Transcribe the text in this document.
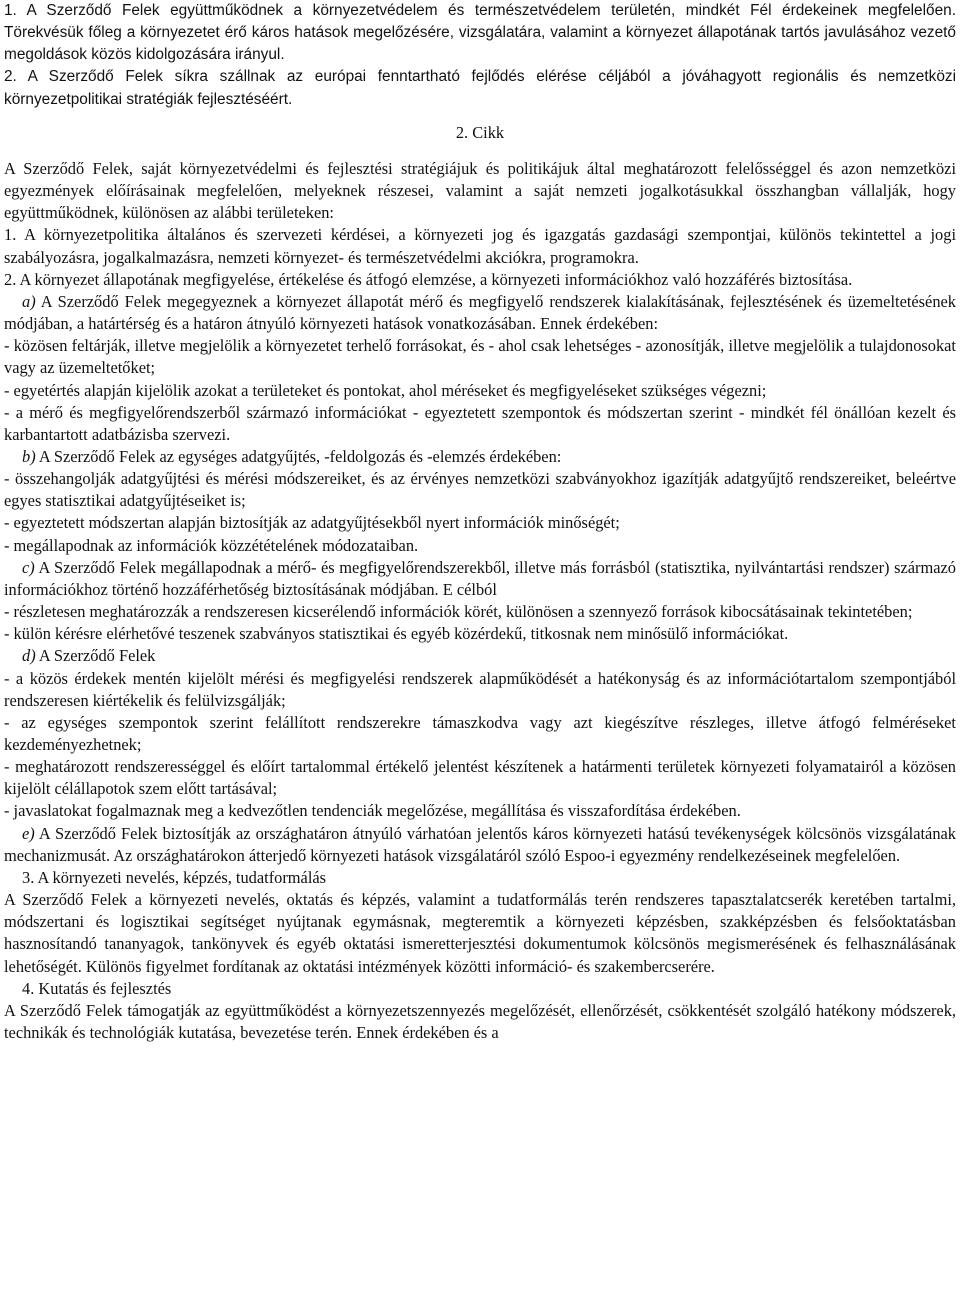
1. A Szerződő Felek együttműködnek a környezetvédelem és természetvédelem területén, mindkét Fél érdekeinek megfelelően. Törekvésük főleg a környezetet érő káros hatások megelőzésére, vizsgálatára, valamint a környezet állapotának tartós javulásához vezető megoldások közös kidolgozására irányul.

2. A Szerződő Felek síkra szállnak az európai fenntartható fejlődés elérése céljából a jóváhagyott regionális és nemzetközi környezetpolitikai stratégiák fejlesztéséért.

2. Cikk

A Szerződő Felek, saját környezetvédelmi és fejlesztési stratégiájuk és politikájuk által meghatározott felelősséggel és azon nemzetközi egyezmények előírásainak megfelelően, melyeknek részesei, valamint a saját nemzeti jogalkotásukkal összhangban vállalják, hogy együttműködnek, különösen az alábbi területeken:

1. A környezetpolitika általános és szervezeti kérdései, a környezeti jog és igazgatás gazdasági szempontjai, különös tekintettel a jogi szabályozásra, jogalkalmazásra, nemzeti környezet- és természetvédelmi akciókra, programokra.

2. A környezet állapotának megfigyelése, értékelése és átfogó elemzése, a környezeti információkhoz való hozzáférés biztosítása.

a) A Szerződő Felek megegyeznek a környezet állapotát mérő és megfigyelő rendszerek kialakításának, fejlesztésének és üzemeltetésének módjában, a határtérség és a határon átnyúló környezeti hatások vonatkozásában. Ennek érdekében:

- közösen feltárják, illetve megjelölik a környezetet terhelő forrásokat, és - ahol csak lehetséges - azonosítják, illetve megjelölik a tulajdonosokat vagy az üzemeltetőket;

- egyetértés alapján kijelölik azokat a területeket és pontokat, ahol méréseket és megfigyeléseket szükséges végezni;

- a mérő és megfigyelőrendszerből származó információkat - egyeztetett szempontok és módszertan szerint - mindkét fél önállóan kezelt és karbantartott adatbázisba szervezi.

b) A Szerződő Felek az egységes adatgyűjtés, -feldolgozás és -elemzés érdekében:

- összehangolják adatgyűjtési és mérési módszereiket, és az érvényes nemzetközi szabványokhoz igazítják adatgyűjtő rendszereiket, beleértve egyes statisztikai adatgyűjtéseiket is;

- egyeztetett módszertan alapján biztosítják az adatgyűjtésekből nyert információk minőségét;

- megállapodnak az információk közzétételének módozataiban.

c) A Szerződő Felek megállapodnak a mérő- és megfigyelőrendszerekből, illetve más forrásból (statisztika, nyilvántartási rendszer) származó információkhoz történő hozzáférhetőség biztosításának módjában. E célból

- részletesen meghatározzák a rendszeresen kicserélendő információk körét, különösen a szennyező források kibocsátásainak tekintetében;

- külön kérésre elérhetővé teszenek szabványos statisztikai és egyéb közérdekű, titkosnak nem minősülő információkat.

d) A Szerződő Felek

- a közös érdekek mentén kijelölt mérési és megfigyelési rendszerek alapműködését a hatékonyság és az információtartalom szempontjából rendszeresen kiértékelik és felülvizsgálják;

- az egységes szempontok szerint felállított rendszerekre támaszkodva vagy azt kiegészítve részleges, illetve átfogó felméréseket kezdeményezhetnek;

- meghatározott rendszerességgel és előírt tartalommal értékelő jelentést készítenek a határmenti területek környezeti folyamatairól a közösen kijelölt célállapotok szem előtt tartásával;

- javaslatokat fogalmaznak meg a kedvezőtlen tendenciák megelőzése, megállítása és visszafordítása érdekében.

e) A Szerződő Felek biztosítják az országhatáron átnyúló várhatóan jelentős káros környezeti hatású tevékenységek kölcsönös vizsgálatának mechanizmusát. Az országhatárokon átterjedő környezeti hatások vizsgálatáról szóló Espoo-i egyezmény rendelkezéseinek megfelelően.

3. A környezeti nevelés, képzés, tudatformálás

A Szerződő Felek a környezeti nevelés, oktatás és képzés, valamint a tudatformálás terén rendszeres tapasztalatcserék keretében tartalmi, módszertani és logisztikai segítséget nyújtanak egymásnak, megteremtik a környezeti képzésben, szakképzésben és felsőoktatásban hasznosítandó tananyagok, tankönyvek és egyéb oktatási ismeretterjesztési dokumentumok kölcsönös megismerésének és felhasználásának lehetőségét. Különös figyelmet fordítanak az oktatási intézmények közötti információ- és szakembercserére.

4. Kutatás és fejlesztés

A Szerződő Felek támogatják az együttműködést a környezetszennyezés megelőzését, ellenőrzését, csökkentését szolgáló hatékony módszerek, technikák és technológiák kutatása, bevezetése terén. Ennek érdekében és a
